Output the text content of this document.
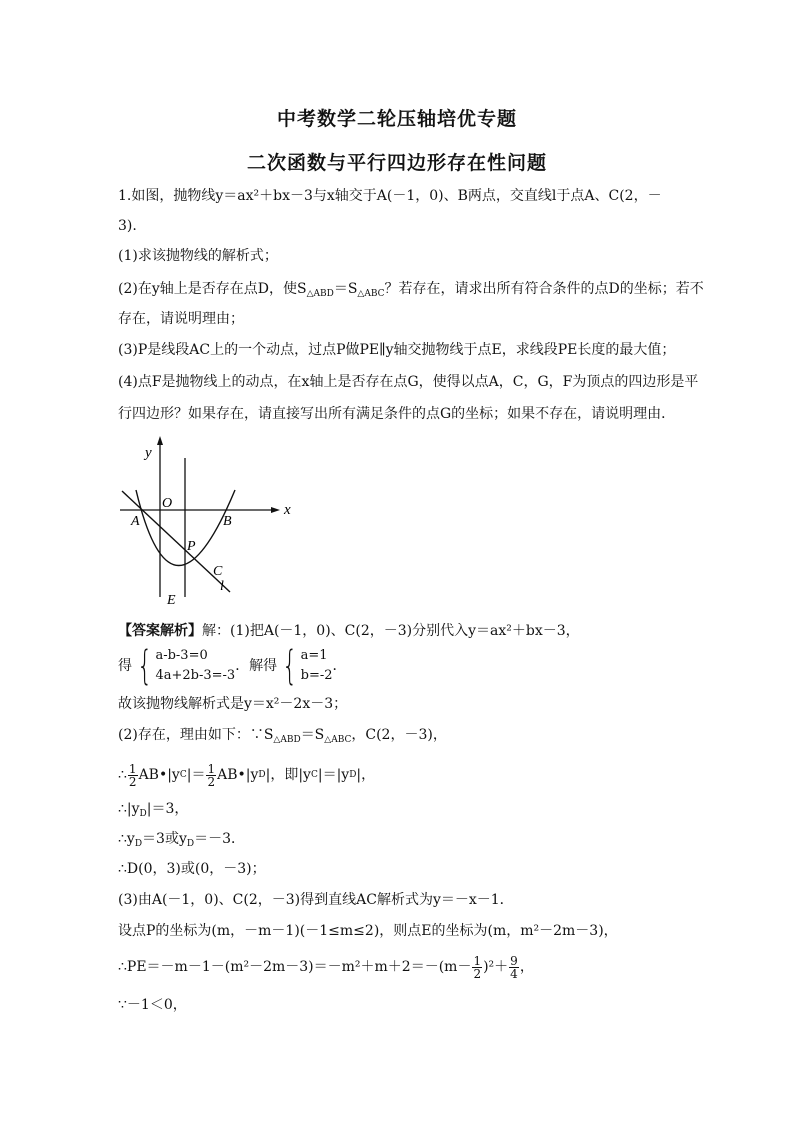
中考数学二轮压轴培优专题
二次函数与平行四边形存在性问题
1.如图，抛物线y＝ax²＋bx－3与x轴交于A(－1，0)、B两点，交直线l于点A、C(2，－
3).
(1)求该抛物线的解析式；
(2)在y轴上是否存在点D，使$S_{\triangle ABD}=S_{\triangle ABC}$？若存在，请求出所有符合条件的点D的坐标；若不
存在，请说明理由；
(3)P是线段AC上的一个动点，过点P做PE∥y轴交抛物线于点E，求线段PE长度的最大值；
(4)点F是抛物线上的动点，在x轴上是否存在点G，使得以点A，C，G，F为顶点的四边形是平
行四边形？如果存在，请直接写出所有满足条件的点G的坐标；如果不存在，请说明理由．
y
x
O
A	B
P
C
l
E
【答案解析】解：(1)把A(－1，0)、C(2，－3)分别代入y＝ax²＋bx－3，
得 { a-b-3=0
4a+2b-3=-3
．解得 { a=1
b=-2
．
故该抛物线解析式是y＝x²－2x－3；
(2)存在，理由如下：$\because S_{\triangle ABD}=S_{\triangle ABC}$，C(2，－3)，
∴ $\frac{1}{2}$ AB•|y C |＝ $\frac{1}{2}$ AB•|y D |，即|y C |＝|y D |，
$\therefore|y_D|=3$，
$\therefore y_D=3$或$y_D=-3$．
∴D(0，3)或(0，－3)；
(3)由A(－1，0)、C(2，－3)得到直线AC解析式为y＝－x－1．
设点P的坐标为(m，－m－1)(－1≤m≤2)，则点E的坐标为(m，m²－2m－3)，
∴PE＝－m－1－(m²－2m－3)＝－m²＋m＋2＝－(m－ $\frac{1}{2} )^2+ \frac{9}{4}$ ，
∵－1＜0，
